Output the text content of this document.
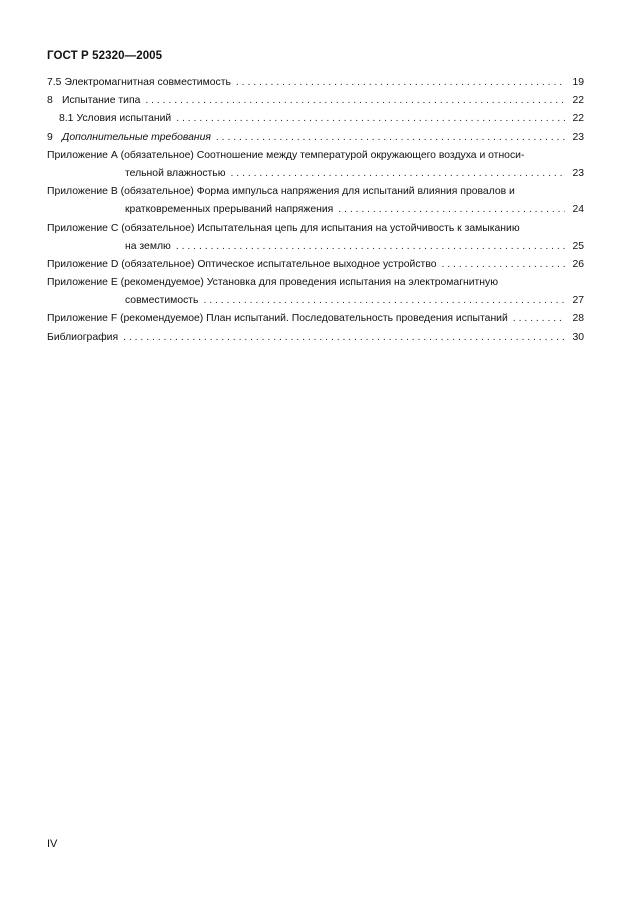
ГОСТ Р 52320—2005
7.5 Электромагнитная совместимость . . .	19
8 Испытание типа . . .	22
8.1 Условия испытаний . . .	22
9 Дополнительные требования . . .	23
Приложение А (обязательное) Соотношение между температурой окружающего воздуха и относи-
тельной влажностью . . .	23
Приложение В (обязательное) Форма импульса напряжения для испытаний влияния провалов и
кратковременных прерываний напряжения . . .	24
Приложение С (обязательное) Испытательная цепь для испытания на устойчивость к замыканию
на землю . . .	25
Приложение D (обязательное) Оптическое испытательное выходное устройство . . .	26
Приложение Е (рекомендуемое) Установка для проведения испытания на электромагнитную
совместимость . . .	27
Приложение F (рекомендуемое) План испытаний. Последовательность проведения испытаний . . .	28
Библиография . . .	30
IV
